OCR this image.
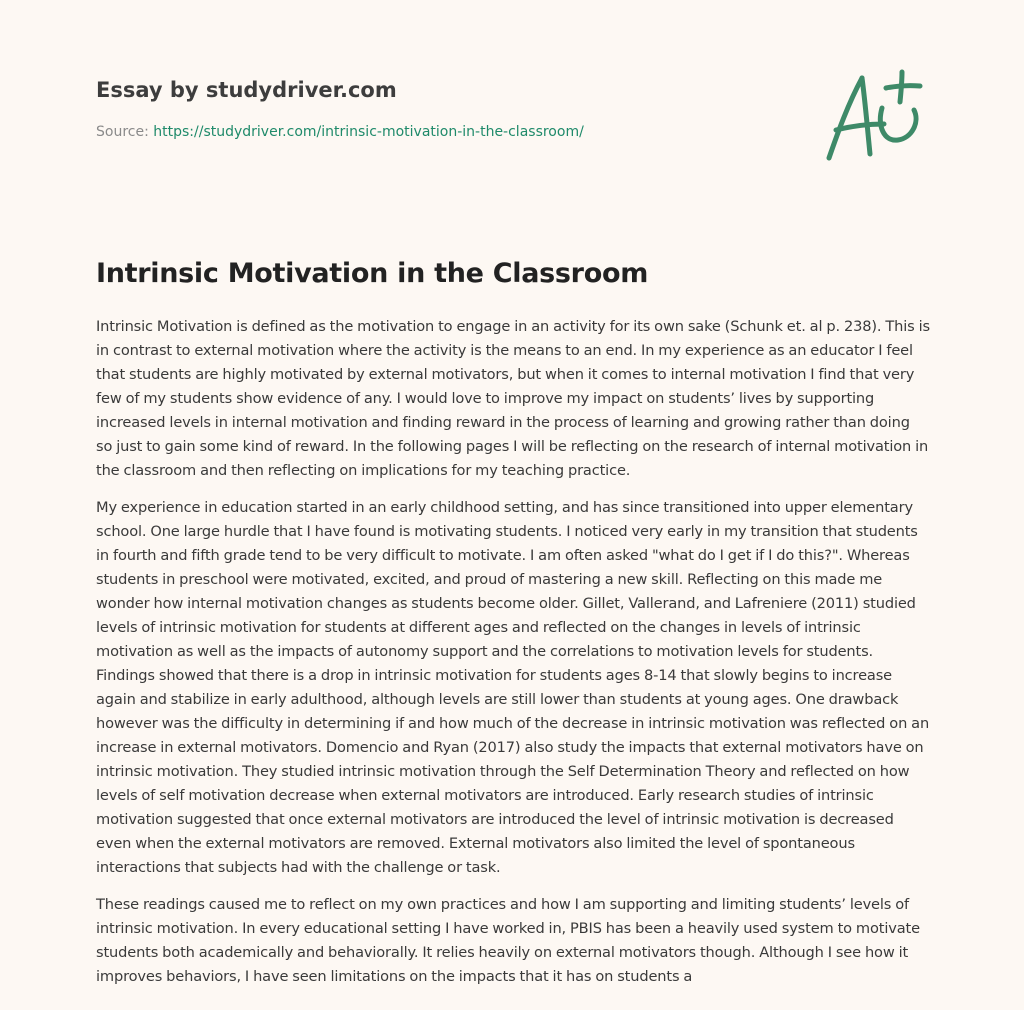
Essay by studydriver.com
Source: https://studydriver.com/intrinsic-motivation-in-the-classroom/
Intrinsic Motivation in the Classroom

Intrinsic Motivation is defined as the motivation to engage in an activity for its own sake (Schunk et. al p. 238). This is in contrast to external motivation where the activity is the means to an end. In my experience as an educator I feel that students are highly motivated by external motivators, but when it comes to internal motivation I find that very few of my students show evidence of any. I would love to improve my impact on students’ lives by supporting increased levels in internal motivation and finding reward in the process of learning and growing rather than doing so just to gain some kind of reward. In the following pages I will be reflecting on the research of internal motivation in the classroom and then reflecting on implications for my teaching practice.

My experience in education started in an early childhood setting, and has since transitioned into upper elementary school. One large hurdle that I have found is motivating students. I noticed very early in my transition that students in fourth and fifth grade tend to be very difficult to motivate. I am often asked "what do I get if I do this?". Whereas students in preschool were motivated, excited, and proud of mastering a new skill. Reflecting on this made me wonder how internal motivation changes as students become older. Gillet, Vallerand, and Lafreniere (2011) studied levels of intrinsic motivation for students at different ages and reflected on the changes in levels of intrinsic motivation as well as the impacts of autonomy support and the correlations to motivation levels for students. Findings showed that there is a drop in intrinsic motivation for students ages 8-14 that slowly begins to increase again and stabilize in early adulthood, although levels are still lower than students at young ages. One drawback however was the difficulty in determining if and how much of the decrease in intrinsic motivation was reflected on an increase in external motivators. Domencio and Ryan (2017) also study the impacts that external motivators have on intrinsic motivation. They studied intrinsic motivation through the Self Determination Theory and reflected on how levels of self motivation decrease when external motivators are introduced. Early research studies of intrinsic motivation suggested that once external motivators are introduced the level of intrinsic motivation is decreased even when the external motivators are removed. External motivators also limited the level of spontaneous interactions that subjects had with the challenge or task.

These readings caused me to reflect on my own practices and how I am supporting and limiting students’ levels of intrinsic motivation. In every educational setting I have worked in, PBIS has been a heavily used system to motivate students both academically and behaviorally. It relies heavily on external motivators though. Although I see how it improves behaviors, I have seen limitations on the impacts that it has on students a
